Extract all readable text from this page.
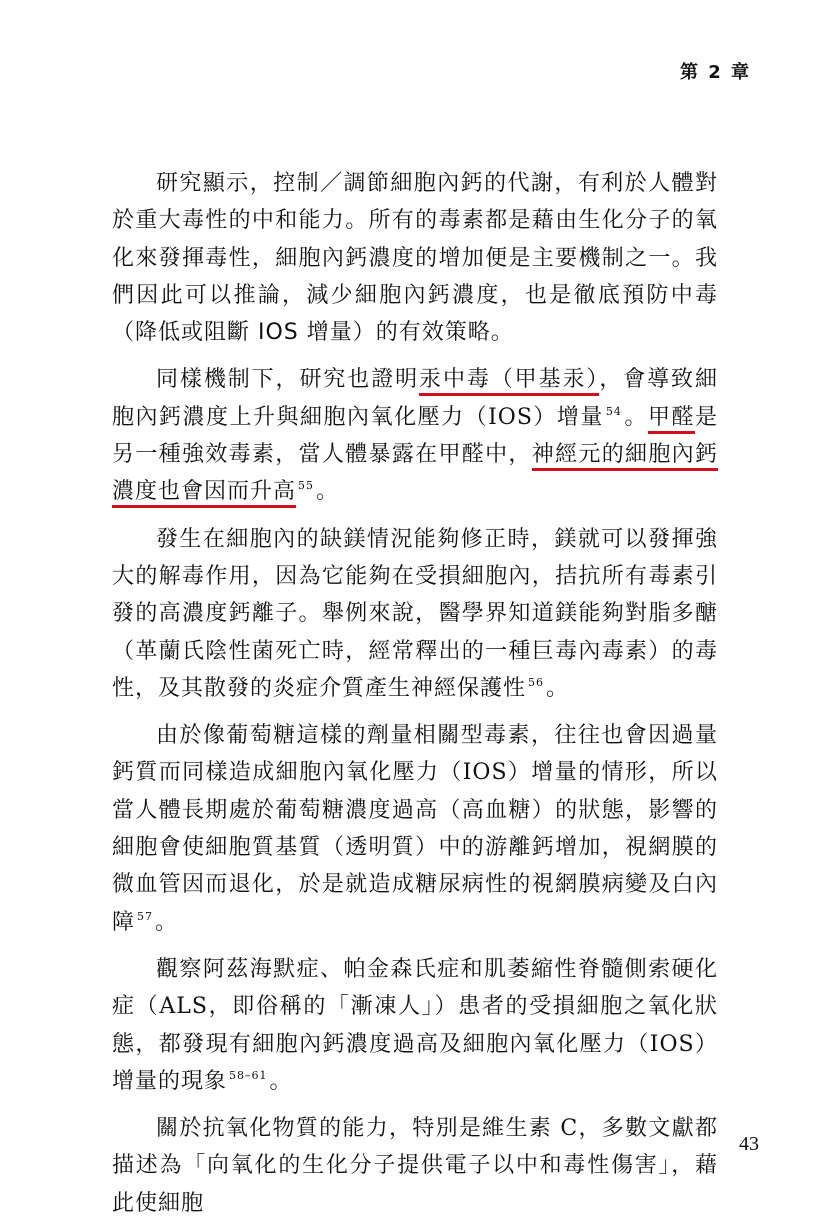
第 2 章

研究顯示，控制／調節細胞內鈣的代謝，有利於人體對於重大毒性的中和能力。所有的毒素都是藉由生化分子的氧化來發揮毒性，細胞內鈣濃度的增加便是主要機制之一。我們因此可以推論，減少細胞內鈣濃度，也是徹底預防中毒（降低或阻斷 IOS 增量）的有效策略。

同樣機制下，研究也證明汞中毒（甲基汞），會導致細胞內鈣濃度上升與細胞內氧化壓力（IOS）增量 $^{54}$。甲醛是另一種強效毒素，當人體暴露在甲醛中，神經元的細胞內鈣濃度也會因而升高 $^{55}$。

發生在細胞內的缺鎂情況能夠修正時，鎂就可以發揮強大的解毒作用，因為它能夠在受損細胞內，拮抗所有毒素引發的高濃度鈣離子。舉例來說，醫學界知道鎂能夠對脂多醣（革蘭氏陰性菌死亡時，經常釋出的一種巨毒內毒素）的毒性，及其散發的炎症介質產生神經保護性 $^{56}$。

由於像葡萄糖這樣的劑量相關型毒素，往往也會因過量鈣質而同樣造成細胞內氧化壓力（IOS）增量的情形，所以當人體長期處於葡萄糖濃度過高（高血糖）的狀態，影響的細胞會使細胞質基質（透明質）中的游離鈣增加，視網膜的微血管因而退化，於是就造成糖尿病性的視網膜病變及白內障 $^{57}$。

觀察阿茲海默症、帕金森氏症和肌萎縮性脊髓側索硬化症（ALS，即俗稱的「漸凍人」）患者的受損細胞之氧化狀態，都發現有細胞內鈣濃度過高及細胞內氧化壓力（IOS）增量的現象 $^{58-61}$。

關於抗氧化物質的能力，特別是維生素 C，多數文獻都描述為「向氧化的生化分子提供電子以中和毒性傷害」，藉此使細胞

43
